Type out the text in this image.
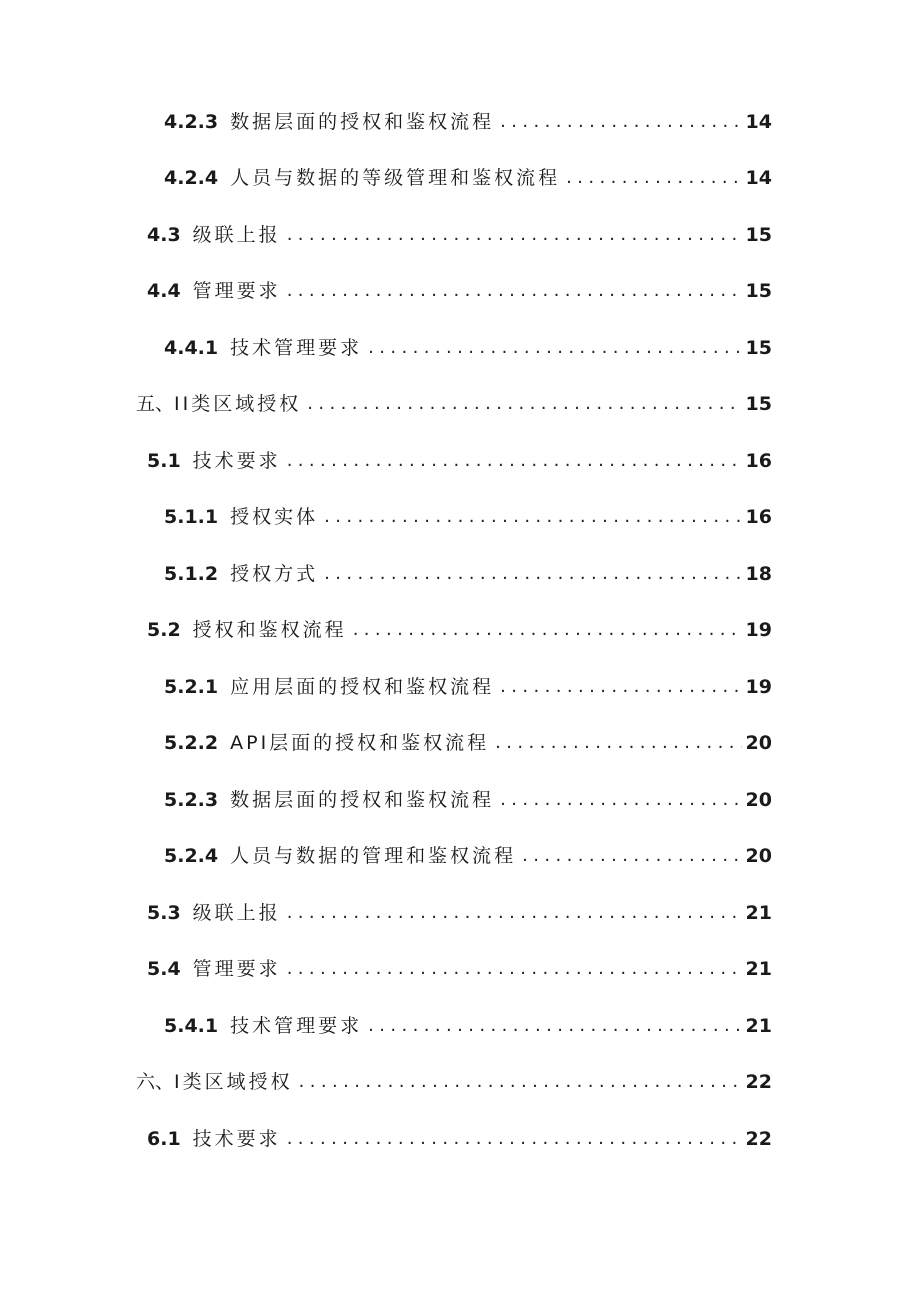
4.2.3 数据层面的授权和鉴权流程 .....	14
4.2.4 人员与数据的等级管理和鉴权流程 .....	14
4.3 级联上报 .....	15
4.4 管理要求 .....	15
4.4.1 技术管理要求 .....	15
五、 II类区域授权 .....	15
5.1 技术要求 .....	16
5.1.1 授权实体 .....	16
5.1.2 授权方式 .....	18
5.2 授权和鉴权流程 .....	19
5.2.1 应用层面的授权和鉴权流程 .....	19
5.2.2 API层面的授权和鉴权流程 .....	20
5.2.3 数据层面的授权和鉴权流程 .....	20
5.2.4 人员与数据的管理和鉴权流程 .....	20
5.3 级联上报 .....	21
5.4 管理要求 .....	21
5.4.1 技术管理要求 .....	21
六、 I类区域授权 .....	22
6.1 技术要求 .....	22
